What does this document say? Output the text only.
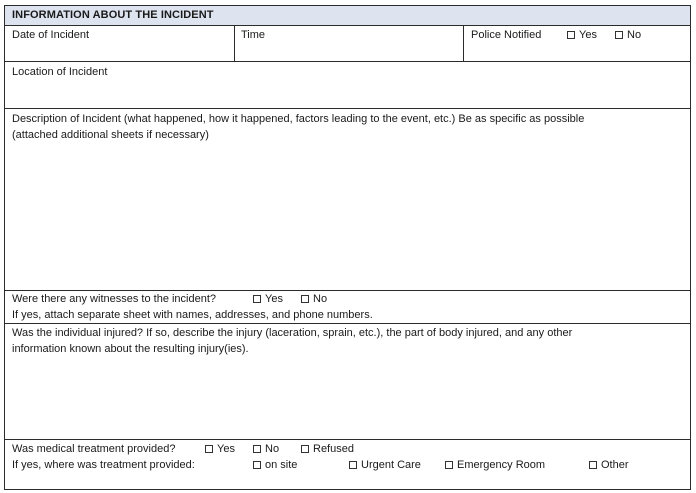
INFORMATION ABOUT THE INCIDENT
Date of Incident	Time	Police Notified	Yes	No
Location of Incident
Description of Incident (what happened, how it happened, factors leading to the event, etc.) Be as specific as possible
(attached additional sheets if necessary)
Were there any witnesses to the incident?	Yes	No
If yes, attach separate sheet with names, addresses, and phone numbers.
Was the individual injured? If so, describe the injury (laceration, sprain, etc.), the part of body injured, and any other
information known about the resulting injury(ies).
Was medical treatment provided?	Yes	No	Refused
If yes, where was treatment provided:	on site	Urgent Care	Emergency Room	Other
